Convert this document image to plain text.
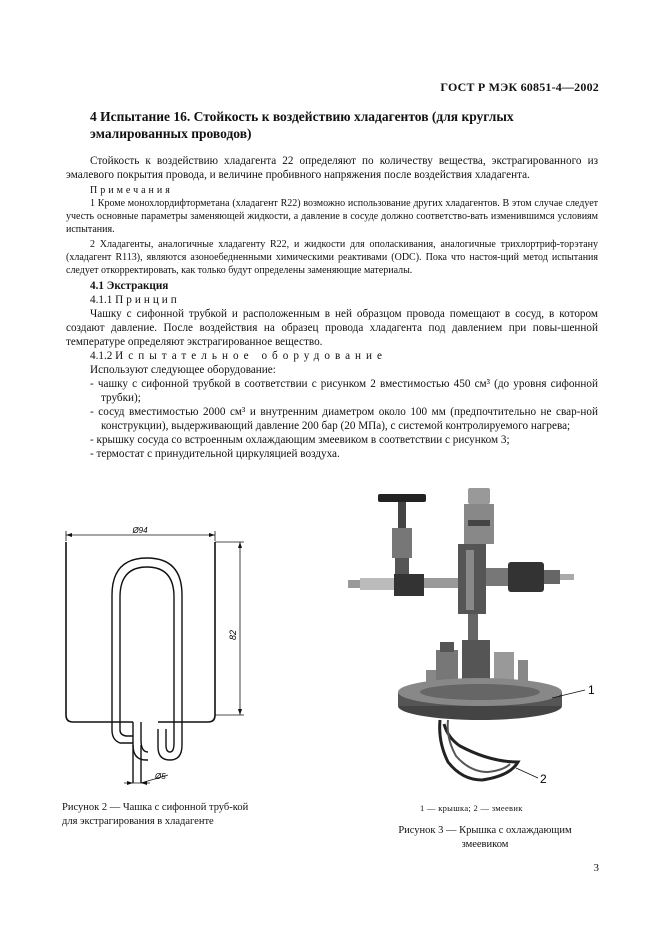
ГОСТ Р МЭК 60851-4—2002
4 Испытание 16. Стойкость к воздействию хладагентов (для круглых эмалированных проводов)

Стойкость к воздействию хладагента 22 определяют по количеству вещества, экстрагированного из эмалевого покрытия провода, и величине пробивного напряжения после воздействия хладагента.

Примечания

1 Кроме монохлордифторметана (хладагент R22) возможно использование других хладагентов. В этом случае следует учесть основные параметры заменяющей жидкости, а давление в сосуде должно соответство-вать изменившимся условиям испытания.

2 Хладагенты, аналогичные хладагенту R22, и жидкости для ополаскивания, аналогичные трихлортриф-торэтану (хладагент R113), являются азоноебедненными химическими реактивами (ODC). Пока что настоя-щий метод испытания следует откорректировать, как только будут определены заменяющие материалы.

4.1 Экстракция

4.1.1 Принцип

Чашку с сифонной трубкой и расположенным в ней образцом провода помещают в сосуд, в котором создают давление. После воздействия на образец провода хладагента под давлением при повы-шенной температуре определяют экстрагированное вещество.

4.1.2 Испытательное оборудование

Используют следующее оборудование:

- чашку с сифонной трубкой в соответствии с рисунком 2 вместимостью 450 см³ (до уровня сифонной трубки);

- сосуд вместимостью 2000 см³ и внутренним диаметром около 100 мм (предпочтительно не свар-ной конструкции), выдерживающий давление 200 бар (20 МПа), с системой контролируемого нагрева;

- крышку сосуда со встроенным охлаждающим змеевиком в соответствии с рисунком 3;

- термостат с принудительной циркуляцией воздуха.

Ø94
82
Ø5
1
2
Рисунок 2 — Чашка с сифонной труб-кой для экстрагирования в хладагенте
1 — крышка; 2 — змеевик
Рисунок 3 — Крышка с охлаждающим змеевиком
3
